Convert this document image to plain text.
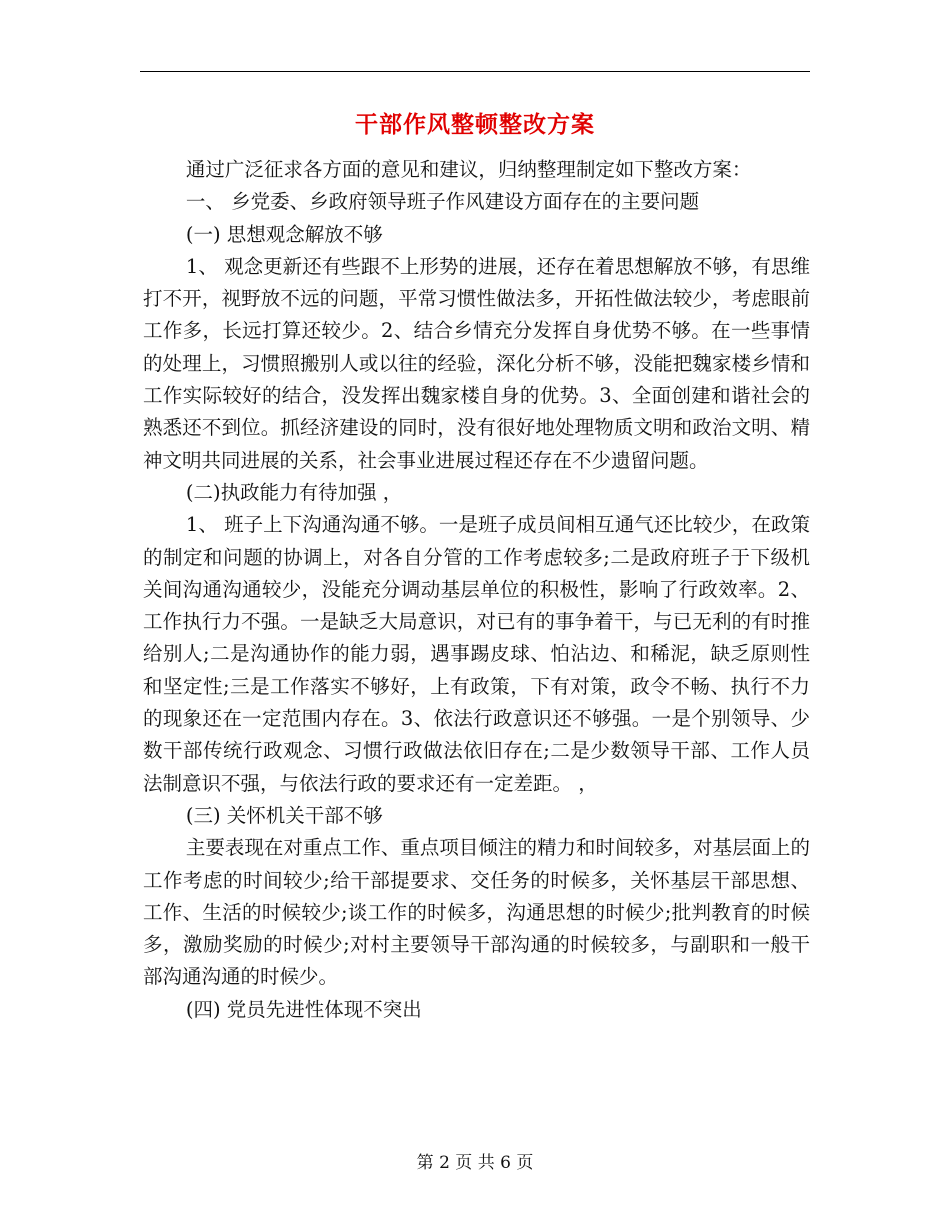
干部作风整顿整改方案

通过广泛征求各方面的意见和建议，归纳整理制定如下整改方案：

一、 乡党委、乡政府领导班子作风建设方面存在的主要问题

(一) 思想观念解放不够

1、 观念更新还有些跟不上形势的进展，还存在着思想解放不够，有思维打不开，视野放不远的问题，平常习惯性做法多，开拓性做法较少，考虑眼前工作多，长远打算还较少。2、结合乡情充分发挥自身优势不够。在一些事情的处理上，习惯照搬别人或以往的经验，深化分析不够，没能把魏家楼乡情和工作实际较好的结合，没发挥出魏家楼自身的优势。3、全面创建和谐社会的熟悉还不到位。抓经济建设的同时，没有很好地处理物质文明和政治文明、精神文明共同进展的关系，社会事业进展过程还存在不少遗留问题。

(二)执政能力有待加强 ，

1、 班子上下沟通沟通不够。一是班子成员间相互通气还比较少，在政策的制定和问题的协调上，对各自分管的工作考虑较多;二是政府班子于下级机关间沟通沟通较少，没能充分调动基层单位的积极性，影响了行政效率。2、工作执行力不强。一是缺乏大局意识，对已有的事争着干，与已无利的有时推给别人;二是沟通协作的能力弱，遇事踢皮球、怕沾边、和稀泥，缺乏原则性和坚定性;三是工作落实不够好，上有政策，下有对策，政令不畅、执行不力的现象还在一定范围内存在。3、依法行政意识还不够强。一是个别领导、少数干部传统行政观念、习惯行政做法依旧存在;二是少数领导干部、工作人员法制意识不强，与依法行政的要求还有一定差距。 ，

(三) 关怀机关干部不够

主要表现在对重点工作、重点项目倾注的精力和时间较多，对基层面上的工作考虑的时间较少;给干部提要求、交任务的时候多，关怀基层干部思想、工作、生活的时候较少;谈工作的时候多，沟通思想的时候少;批判教育的时候多，激励奖励的时候少;对村主要领导干部沟通的时候较多，与副职和一般干部沟通沟通的时候少。

(四) 党员先进性体现不突出

第 2 页 共 6 页
